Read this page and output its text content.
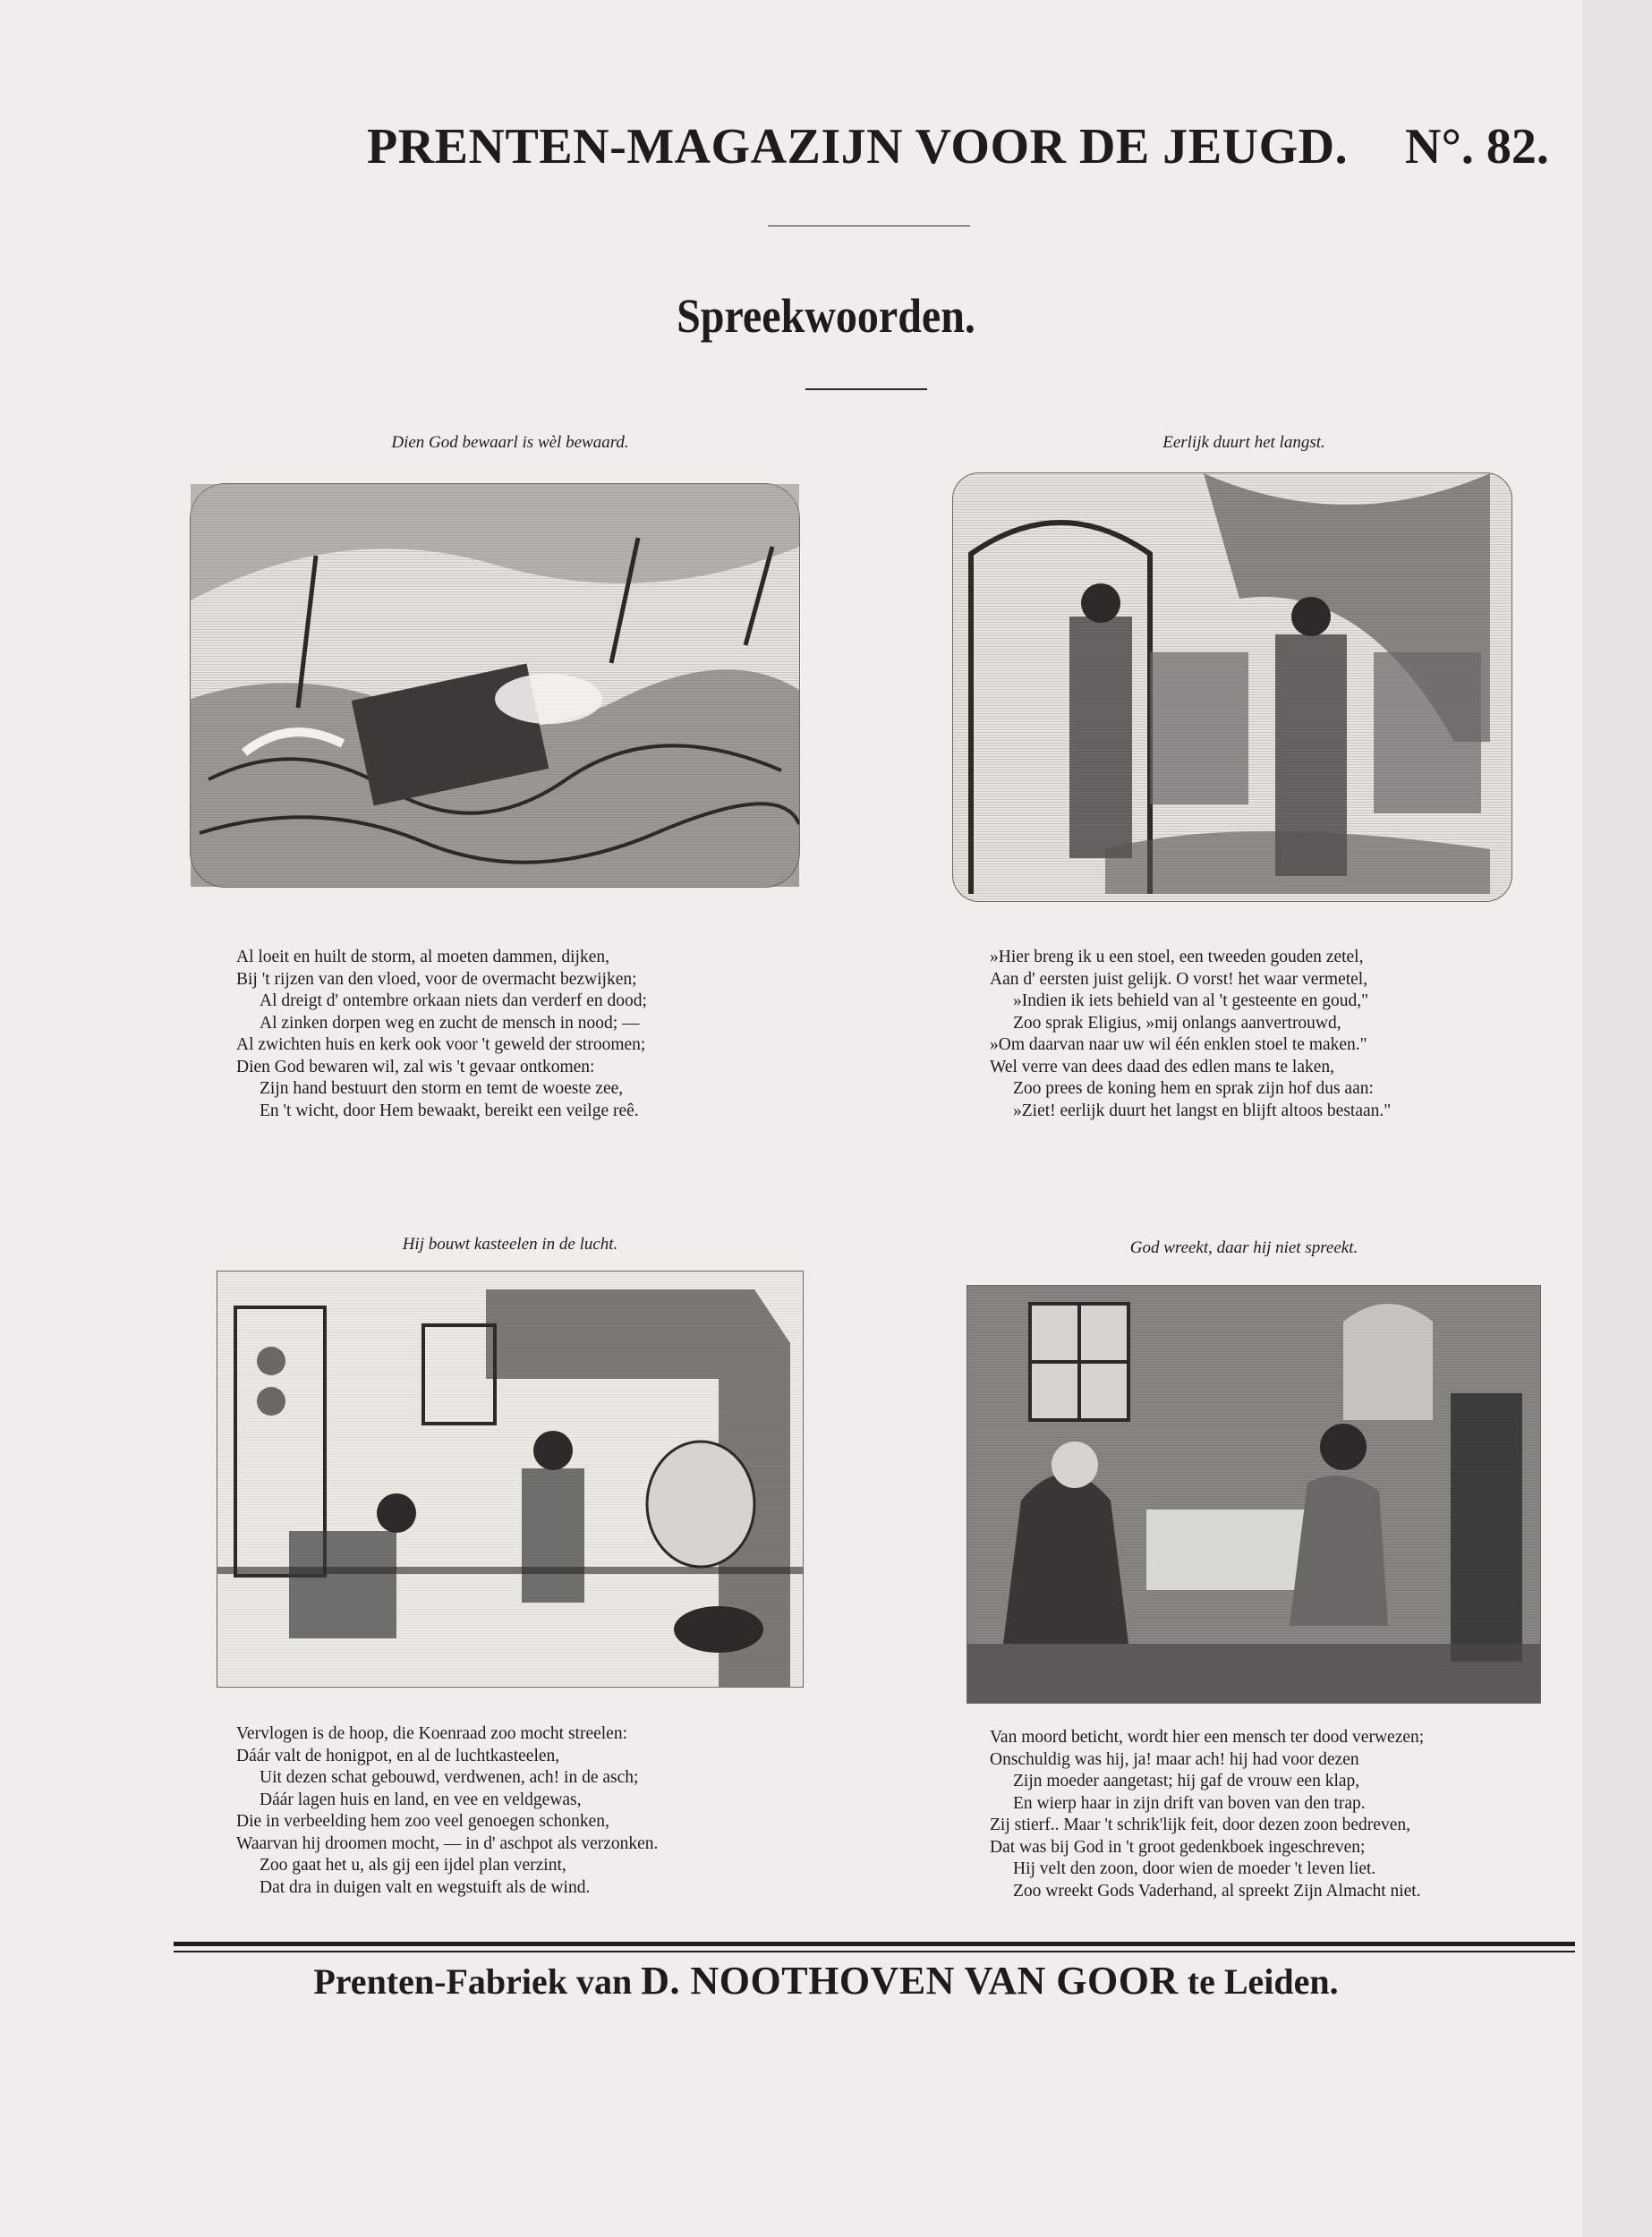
PRENTEN-MAGAZIJN VOOR DE JEUGD. N°. 82.
Spreekwoorden.
Dien God bewaarl is wèl bewaard.
Al loeit en huilt de storm, al moeten dammen, dijken,
Bij 't rijzen van den vloed, voor de overmacht bezwijken;
Al dreigt d' ontembre orkaan niets dan verderf en dood;
Al zinken dorpen weg en zucht de mensch in nood; —
Al zwichten huis en kerk ook voor 't geweld der stroomen;
Dien God bewaren wil, zal wis 't gevaar ontkomen:
Zijn hand bestuurt den storm en temt de woeste zee,
En 't wicht, door Hem bewaakt, bereikt een veilge reê.
Eerlijk duurt het langst.
»Hier breng ik u een stoel, een tweeden gouden zetel,
Aan d' eersten juist gelijk. O vorst! het waar vermetel,
»Indien ik iets behield van al 't gesteente en goud,"
Zoo sprak Eligius, »mij onlangs aanvertrouwd,
»Om daarvan naar uw wil één enklen stoel te maken."
Wel verre van dees daad des edlen mans te laken,
Zoo prees de koning hem en sprak zijn hof dus aan:
»Ziet! eerlijk duurt het langst en blijft altoos bestaan."
Hij bouwt kasteelen in de lucht.
Vervlogen is de hoop, die Koenraad zoo mocht streelen:
Dáár valt de honigpot, en al de luchtkasteelen,
Uit dezen schat gebouwd, verdwenen, ach! in de asch;
Dáár lagen huis en land, en vee en veldgewas,
Die in verbeelding hem zoo veel genoegen schonken,
Waarvan hij droomen mocht, — in d' aschpot als verzonken.
Zoo gaat het u, als gij een ijdel plan verzint,
Dat dra in duigen valt en wegstuift als de wind.
God wreekt, daar hij niet spreekt.
Van moord beticht, wordt hier een mensch ter dood verwezen;
Onschuldig was hij, ja! maar ach! hij had voor dezen
Zijn moeder aangetast; hij gaf de vrouw een klap,
En wierp haar in zijn drift van boven van den trap.
Zij stierf.. Maar 't schrik'lijk feit, door dezen zoon bedreven,
Dat was bij God in 't groot gedenkboek ingeschreven;
Hij velt den zoon, door wien de moeder 't leven liet.
Zoo wreekt Gods Vaderhand, al spreekt Zijn Almacht niet.
Prenten-Fabriek van D. NOOTHOVEN VAN GOOR te Leiden.
